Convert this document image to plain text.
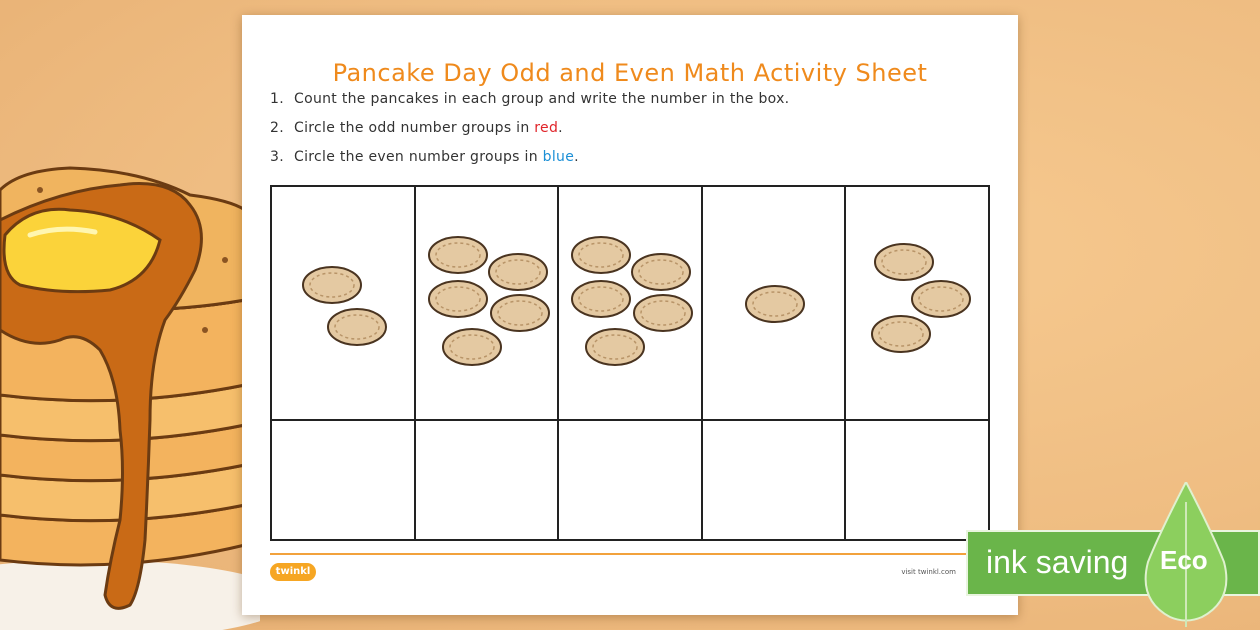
Pancake Day Odd and Even Math Activity Sheet
1. Count the pancakes in each group and write the number in the box.
2. Circle the odd number groups in red.
3. Circle the even number groups in blue.
twinkl	visit twinkl.com ink saving Eco
